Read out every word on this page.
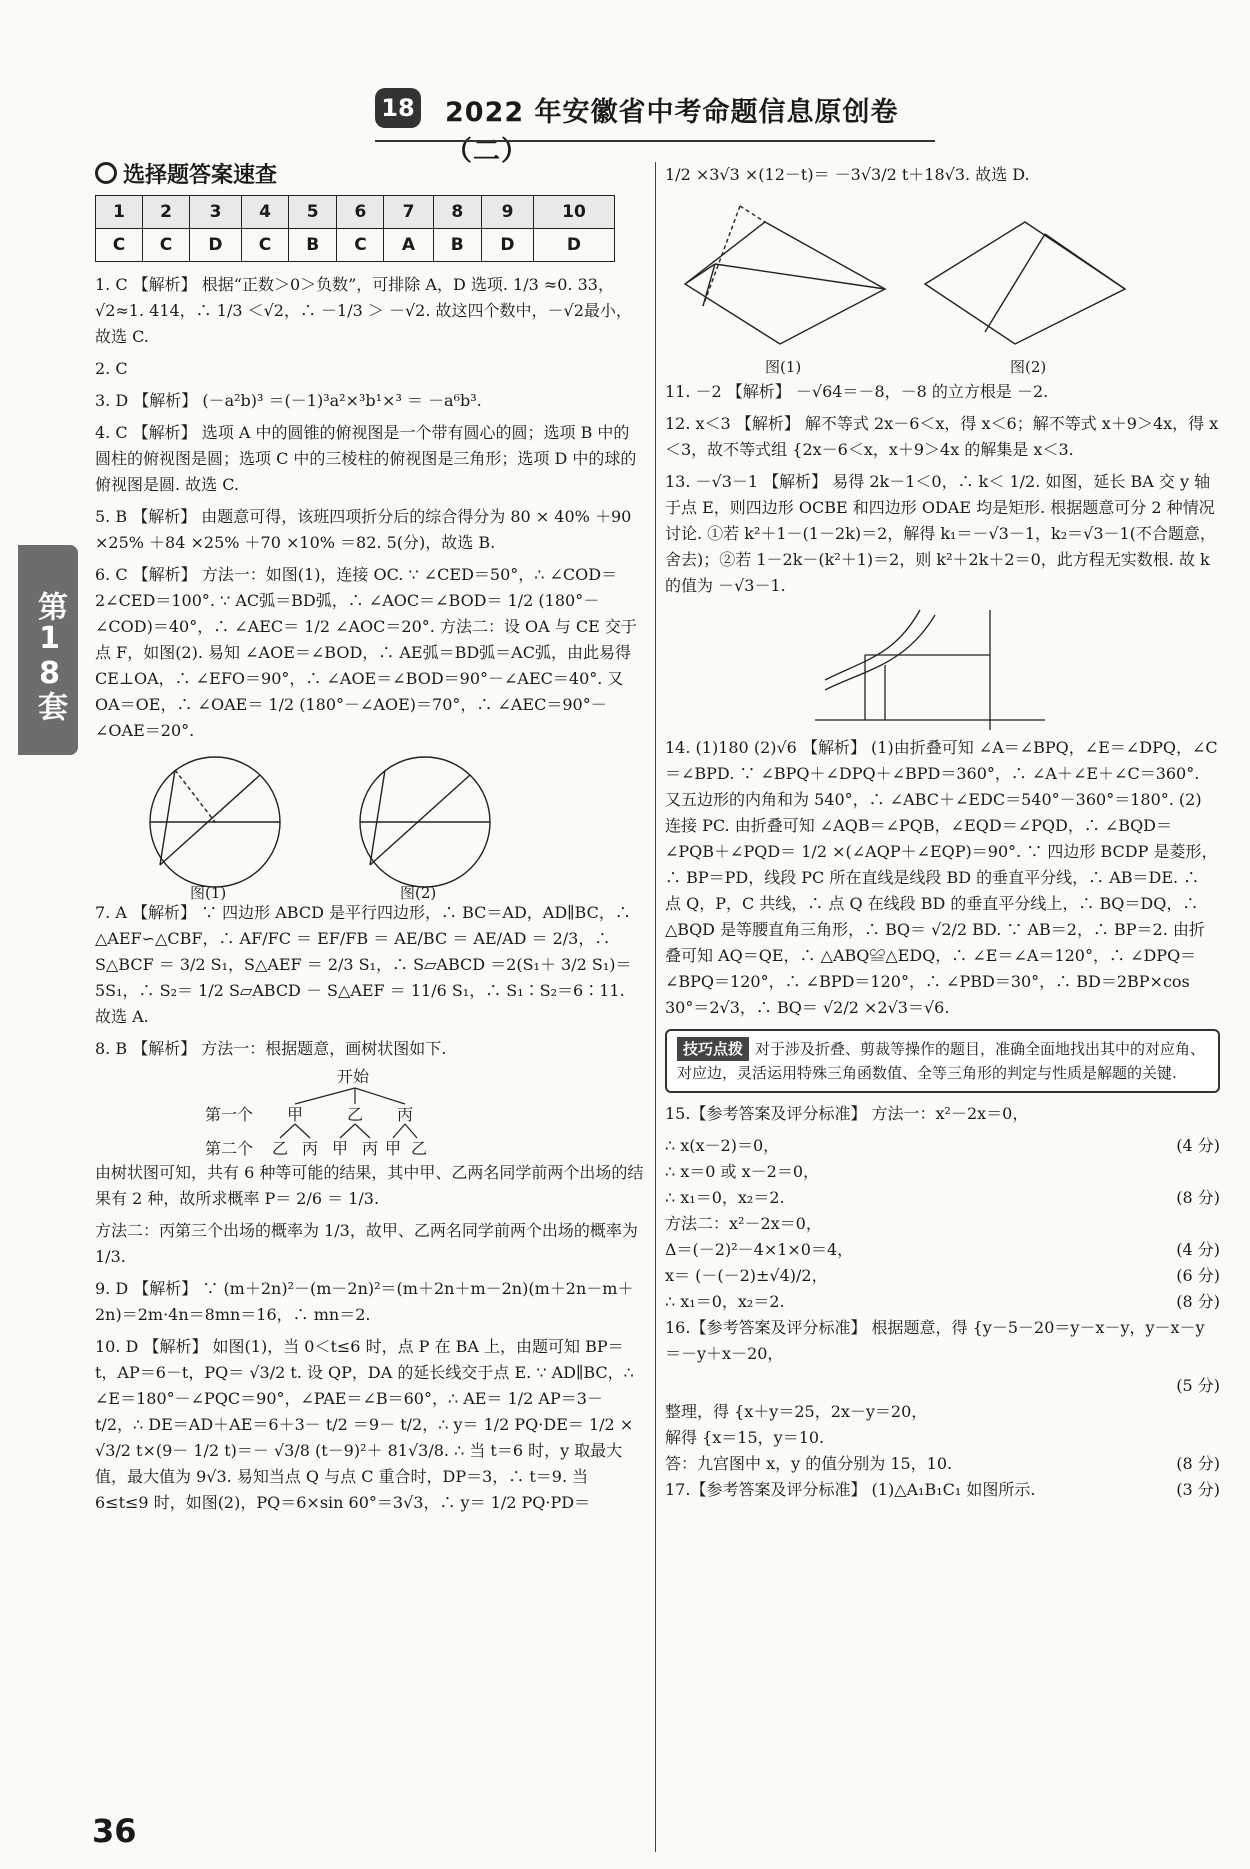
18 2022 年安徽省中考命题信息原创卷（二）
第18套
选择题答案速查
1	2	3	4	5	6	7	8	9	10
C	C	D	C	B	C	A	B	D	D

1. C 【解析】 根据“正数＞0＞负数”，可排除 A，D 选项. 1/3 ≈0. 33，√2≈1. 414，∴ 1/3 ＜√2，∴ －1/3 ＞ －√2. 故这四个数中，－√2最小，故选 C.

2. C

3. D 【解析】 (－a²b)³ ＝(－1)³a²×³b¹×³ ＝ －a⁶b³.

4. C 【解析】 选项 A 中的圆锥的俯视图是一个带有圆心的圆；选项 B 中的圆柱的俯视图是圆；选项 C 中的三棱柱的俯视图是三角形；选项 D 中的球的俯视图是圆. 故选 C.

5. B 【解析】 由题意可得，该班四项折分后的综合得分为 80 × 40% ＋90 ×25% ＋84 ×25% ＋70 ×10% ＝82. 5(分)，故选 B.

6. C 【解析】 方法一：如图(1)，连接 OC. ∵ ∠CED＝50°，∴ ∠COD＝2∠CED＝100°. ∵ AC弧＝BD弧，∴ ∠AOC＝∠BOD＝ 1/2 (180°－∠COD)＝40°，∴ ∠AEC＝ 1/2 ∠AOC＝20°. 方法二：设 OA 与 CE 交于点 F，如图(2). 易知 ∠AOE＝∠BOD，∴ AE弧＝BD弧＝AC弧，由此易得 CE⊥OA，∴ ∠EFO＝90°，∴ ∠AOE＝∠BOD＝90°－∠AEC＝40°. 又 OA＝OE，∴ ∠OAE＝ 1/2 (180°－∠AOE)＝70°，∴ ∠AEC＝90°－∠OAE＝20°.

图(1)	图(2)

7. A 【解析】 ∵ 四边形 ABCD 是平行四边形，∴ BC＝AD，AD∥BC，∴ △AEF∽△CBF，∴ AF/FC ＝ EF/FB ＝ AE/BC ＝ AE/AD ＝ 2/3，∴ S△BCF ＝ 3/2 S₁，S△AEF ＝ 2/3 S₁，∴ S▱ABCD ＝2(S₁＋ 3/2 S₁)＝5S₁，∴ S₂＝ 1/2 S▱ABCD － S△AEF ＝ 11/6 S₁，∴ S₁∶S₂＝6∶11. 故选 A.

8. B 【解析】 方法一：根据题意，画树状图如下.

开始
第一个 甲	乙 丙
第二个 乙 丙 甲 丙 甲 乙

由树状图可知，共有 6 种等可能的结果，其中甲、乙两名同学前两个出场的结果有 2 种，故所求概率 P＝ 2/6 ＝ 1/3.

方法二：丙第三个出场的概率为 1/3，故甲、乙两名同学前两个出场的概率为 1/3.

9. D 【解析】 ∵ (m＋2n)²－(m－2n)²＝(m＋2n＋m－2n)(m＋2n－m＋2n)＝2m·4n＝8mn＝16，∴ mn＝2.

10. D 【解析】 如图(1)，当 0＜t≤6 时，点 P 在 BA 上，由题可知 BP＝t，AP＝6－t，PQ＝ √3/2 t. 设 QP，DA 的延长线交于点 E. ∵ AD∥BC，∴ ∠E＝180°－∠PQC＝90°，∠PAE＝∠B＝60°，∴ AE＝ 1/2 AP＝3－ t/2，∴ DE＝AD＋AE＝6＋3－ t/2 ＝9－ t/2，∴ y＝ 1/2 PQ·DE＝ 1/2 × √3/2 t×(9－ 1/2 t)＝－ √3/8 (t－9)²＋ 81√3/8. ∴ 当 t＝6 时，y 取最大值，最大值为 9√3. 易知当点 Q 与点 C 重合时，DP＝3，∴ t＝9. 当 6≤t≤9 时，如图(2)，PQ＝6×sin 60°＝3√3，∴ y＝ 1/2 PQ·PD＝

1/2 ×3√3 ×(12－t)＝ －3√3/2 t＋18√3. 故选 D.

图(1)	图(2)

11. －2 【解析】 －√64＝－8，－8 的立方根是 －2.

12. x＜3 【解析】 解不等式 2x－6＜x，得 x＜6；解不等式 x＋9＞4x，得 x＜3，故不等式组 {2x－6＜x，x＋9＞4x 的解集是 x＜3.

13. －√3－1 【解析】 易得 2k－1＜0，∴ k＜ 1/2. 如图，延长 BA 交 y 轴于点 E，则四边形 OCBE 和四边形 ODAE 均是矩形. 根据题意可分 2 种情况讨论. ①若 k²＋1－(1－2k)＝2，解得 k₁＝－√3－1，k₂＝√3－1(不合题意，舍去)；②若 1－2k－(k²＋1)＝2，则 k²＋2k＋2＝0，此方程无实数根. 故 k 的值为 －√3－1.

14. (1)180 (2)√6 【解析】 (1)由折叠可知 ∠A＝∠BPQ，∠E＝∠DPQ，∠C＝∠BPD. ∵ ∠BPQ＋∠DPQ＋∠BPD＝360°，∴ ∠A＋∠E＋∠C＝360°. 又五边形的内角和为 540°，∴ ∠ABC＋∠EDC＝540°－360°＝180°. (2) 连接 PC. 由折叠可知 ∠AQB＝∠PQB，∠EQD＝∠PQD，∴ ∠BQD＝∠PQB＋∠PQD＝ 1/2 ×(∠AQP＋∠EQP)＝90°. ∵ 四边形 BCDP 是菱形，∴ BP＝PD，线段 PC 所在直线是线段 BD 的垂直平分线，∴ AB＝DE. ∴ 点 Q，P，C 共线，∴ 点 Q 在线段 BD 的垂直平分线上，∴ BQ＝DQ，∴ △BQD 是等腰直角三角形，∴ BQ＝ √2/2 BD. ∵ AB＝2，∴ BP＝2. 由折叠可知 AQ＝QE，∴ △ABQ≌△EDQ，∴ ∠E＝∠A＝120°，∴ ∠DPQ＝∠BPQ＝120°，∴ ∠BPD＝120°，∴ ∠PBD＝30°，∴ BD＝2BP×cos 30°＝2√3，∴ BQ＝ √2/2 ×2√3＝√6.

技巧点拨 对于涉及折叠、剪裁等操作的题目，准确全面地找出其中的对应角、对应边，灵活运用特殊三角函数值、全等三角形的判定与性质是解题的关键.

15.【参考答案及评分标准】 方法一：x²－2x＝0，

∴ x(x－2)＝0，	(4 分)
∴ x＝0 或 x－2＝0，
∴ x₁＝0，x₂＝2.	(8 分)
方法二：x²－2x＝0，
Δ＝(－2)²－4×1×0＝4，	(4 分)
x＝ (－(－2)±√4)/2，	(6 分)
∴ x₁＝0，x₂＝2.	(8 分)

16.【参考答案及评分标准】 根据题意，得 {y－5－20＝y－x－y，y－x－y＝－y＋x－20，

(5 分)
整理，得 {x＋y＝25，2x－y＝20，
解得 {x＝15，y＝10.
答：九宫图中 x，y 的值分别为 15，10.	(8 分)
17.【参考答案及评分标准】 (1)△A₁B₁C₁ 如图所示.	(3 分)
36
